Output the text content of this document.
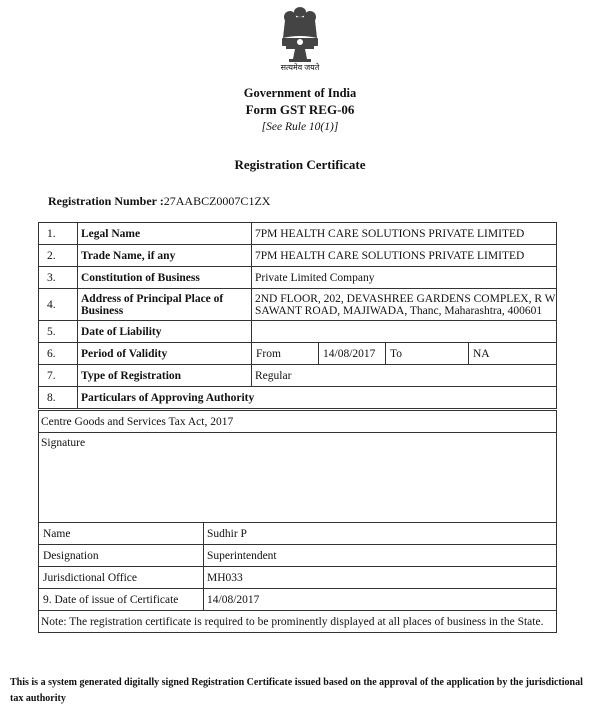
सत्यमेव जयते
Government of India
Form GST REG-06
[See Rule 10(1)]
Registration Certificate
Registration Number :27AABCZ0007C1ZX
1.	Legal Name	7PM HEALTH CARE SOLUTIONS PRIVATE LIMITED			
2.	Trade Name, if any	7PM HEALTH CARE SOLUTIONS PRIVATE LIMITED			
3.	Constitution of Business	Private Limited Company			
4.	Address of Principal Place of Business	2ND FLOOR, 202, DEVASHREE GARDENS COMPLEX, R W SAWANT ROAD, MAJIWADA, Thanc, Maharashtra, 400601			
5.	Date of Liability				
6.	Period of Validity	From	14/08/2017	To	NA
7.	Type of Registration	Regular			
8.	Particulars of Approving Authority				
Centre Goods and Services Tax Act, 2017	
Signature	
Name	Sudhir P
Designation	Superintendent
Jurisdictional Office	MH033
9. Date of issue of Certificate	14/08/2017
Note: The registration certificate is required to be prominently displayed at all places of business in the State.	
This is a system generated digitally signed Registration Certificate issued based on the approval of the application by the jurisdictional tax authority
